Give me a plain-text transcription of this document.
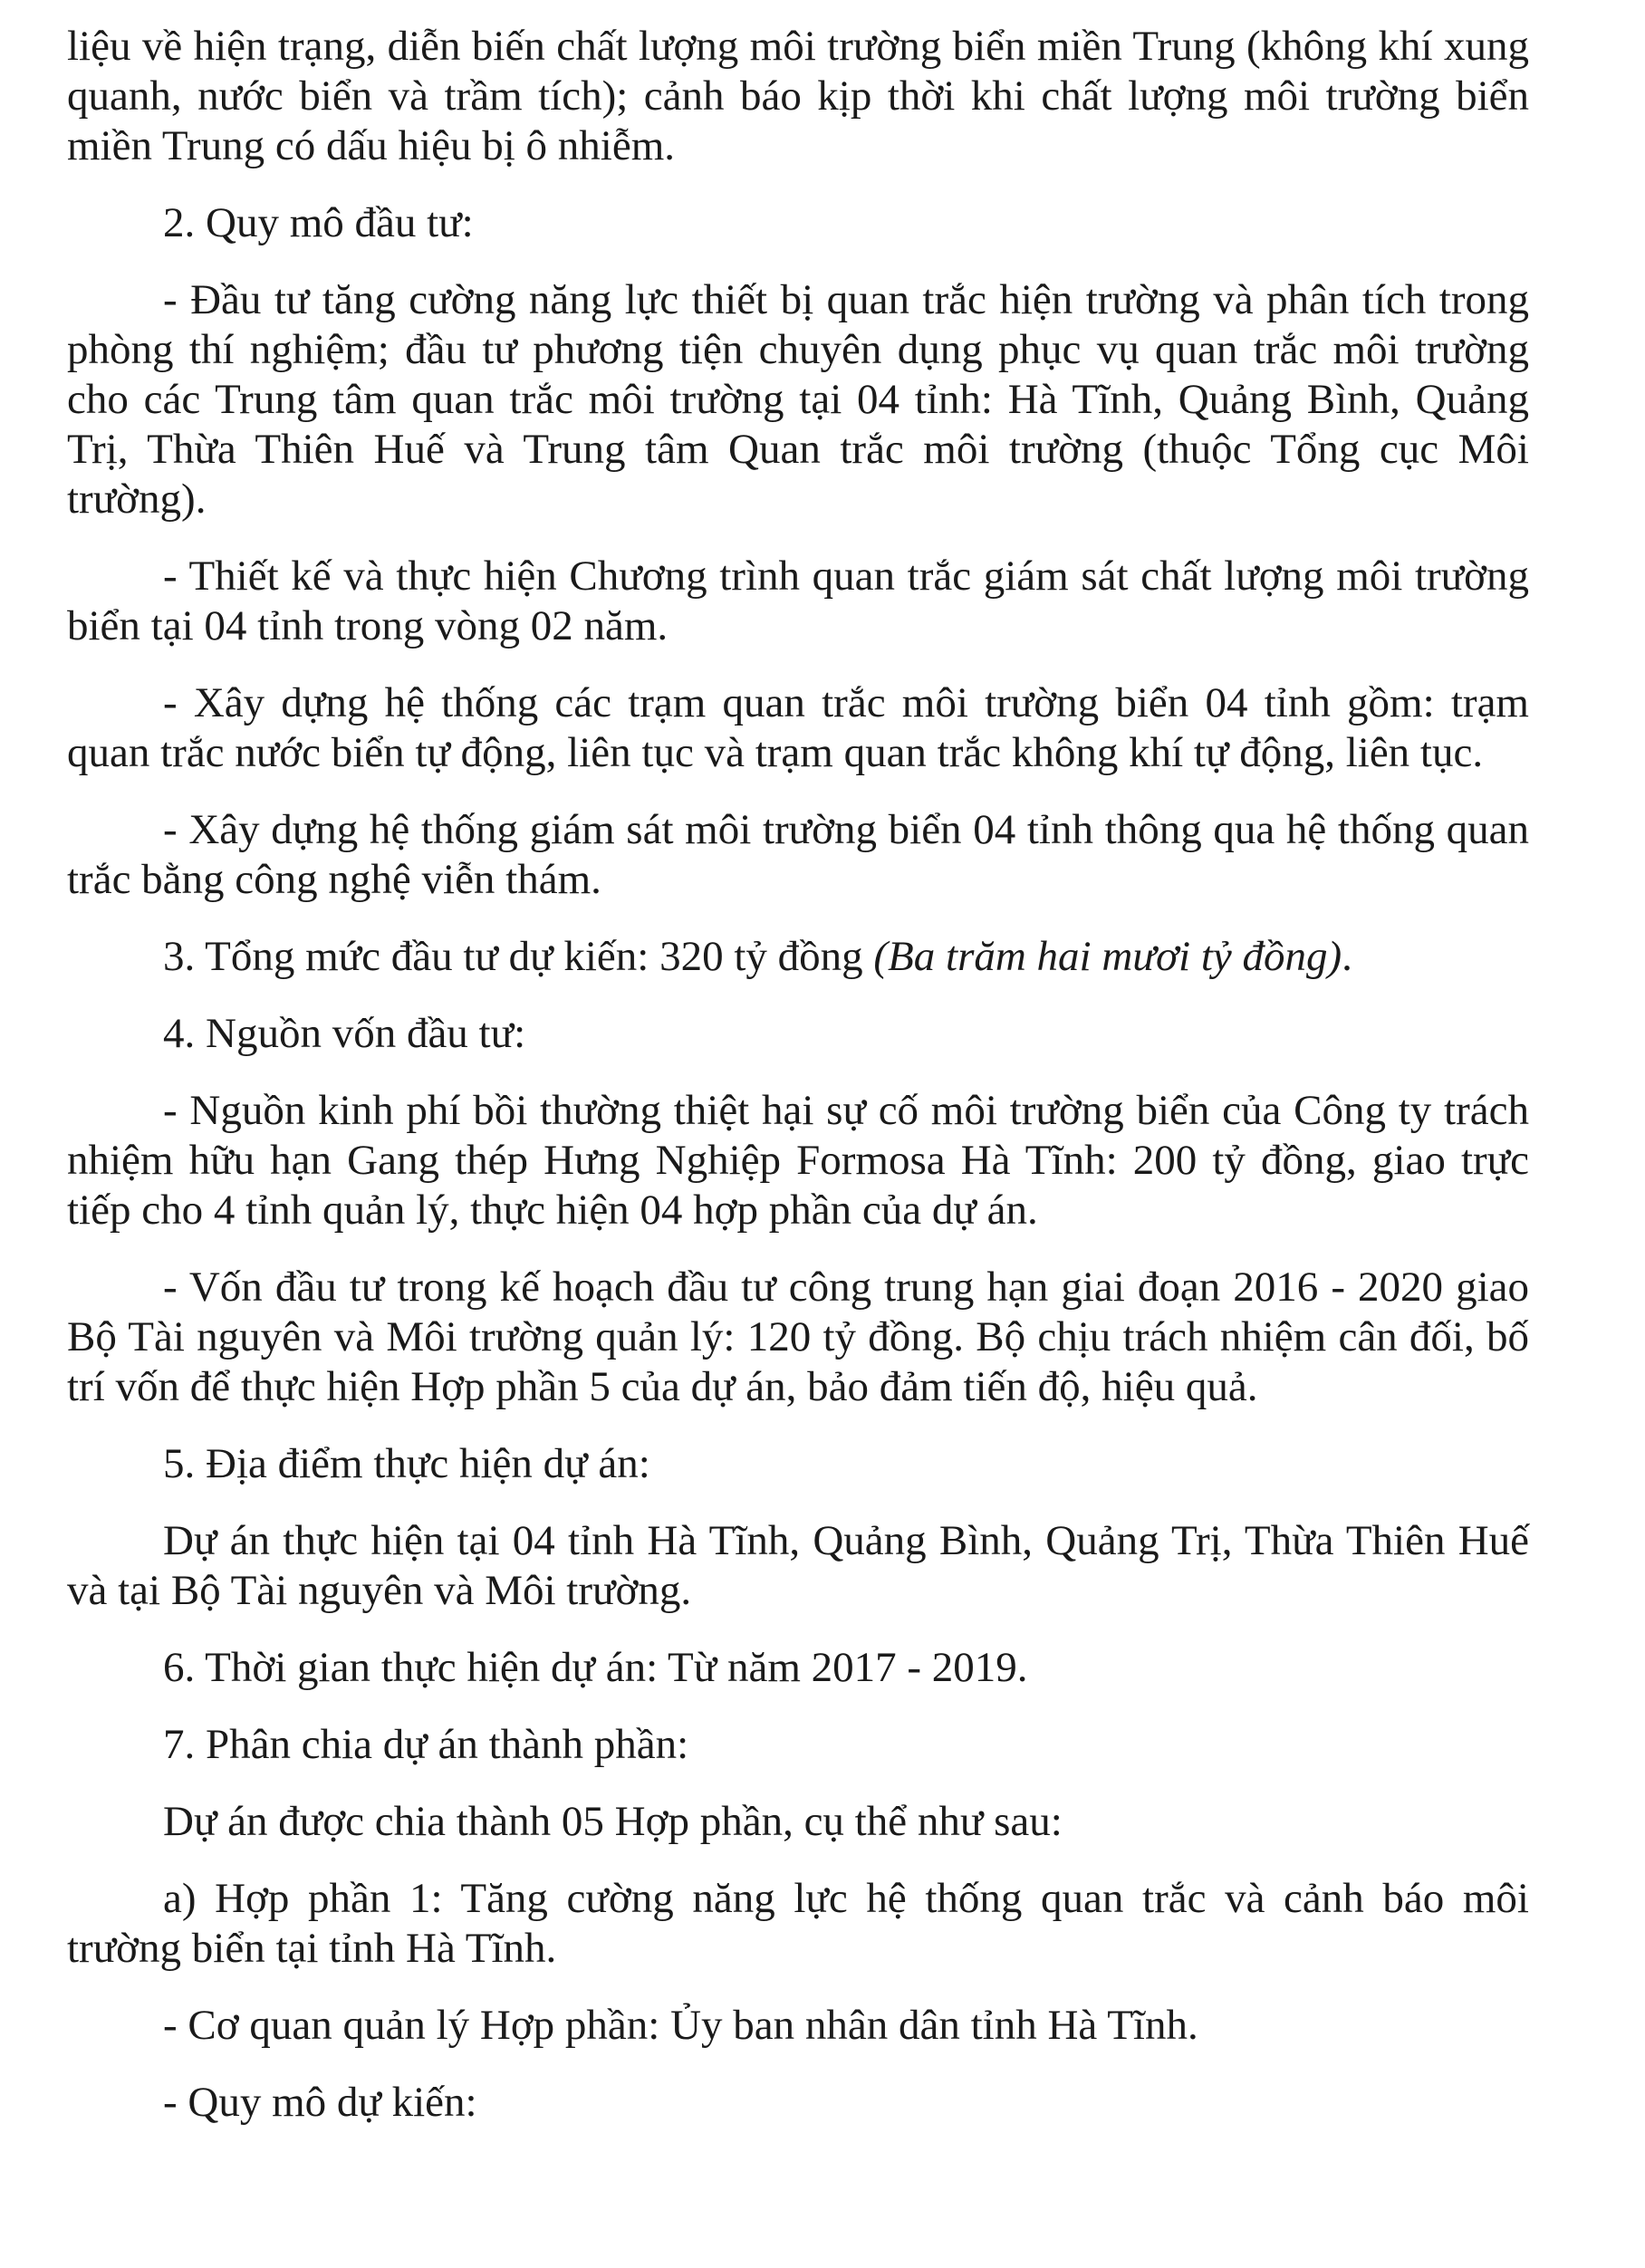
liệu về hiện trạng, diễn biến chất lượng môi trường biển miền Trung (không khí xung quanh, nước biển và trầm tích); cảnh báo kịp thời khi chất lượng môi trường biển miền Trung có dấu hiệu bị ô nhiễm.

2. Quy mô đầu tư:

- Đầu tư tăng cường năng lực thiết bị quan trắc hiện trường và phân tích trong phòng thí nghiệm; đầu tư phương tiện chuyên dụng phục vụ quan trắc môi trường cho các Trung tâm quan trắc môi trường tại 04 tỉnh: Hà Tĩnh, Quảng Bình, Quảng Trị, Thừa Thiên Huế và Trung tâm Quan trắc môi trường (thuộc Tổng cục Môi trường).

- Thiết kế và thực hiện Chương trình quan trắc giám sát chất lượng môi trường biển tại 04 tỉnh trong vòng 02 năm.

- Xây dựng hệ thống các trạm quan trắc môi trường biển 04 tỉnh gồm: trạm quan trắc nước biển tự động, liên tục và trạm quan trắc không khí tự động, liên tục.

- Xây dựng hệ thống giám sát môi trường biển 04 tỉnh thông qua hệ thống quan trắc bằng công nghệ viễn thám.

3. Tổng mức đầu tư dự kiến: 320 tỷ đồng (Ba trăm hai mươi tỷ đồng).

4. Nguồn vốn đầu tư:

- Nguồn kinh phí bồi thường thiệt hại sự cố môi trường biển của Công ty trách nhiệm hữu hạn Gang thép Hưng Nghiệp Formosa Hà Tĩnh: 200 tỷ đồng, giao trực tiếp cho 4 tỉnh quản lý, thực hiện 04 hợp phần của dự án.

- Vốn đầu tư trong kế hoạch đầu tư công trung hạn giai đoạn 2016 - 2020 giao Bộ Tài nguyên và Môi trường quản lý: 120 tỷ đồng. Bộ chịu trách nhiệm cân đối, bố trí vốn để thực hiện Hợp phần 5 của dự án, bảo đảm tiến độ, hiệu quả.

5. Địa điểm thực hiện dự án:

Dự án thực hiện tại 04 tỉnh Hà Tĩnh, Quảng Bình, Quảng Trị, Thừa Thiên Huế và tại Bộ Tài nguyên và Môi trường.

6. Thời gian thực hiện dự án: Từ năm 2017 - 2019.

7. Phân chia dự án thành phần:

Dự án được chia thành 05 Hợp phần, cụ thể như sau:

a) Hợp phần 1: Tăng cường năng lực hệ thống quan trắc và cảnh báo môi trường biển tại tỉnh Hà Tĩnh.

- Cơ quan quản lý Hợp phần: Ủy ban nhân dân tỉnh Hà Tĩnh.

- Quy mô dự kiến:
